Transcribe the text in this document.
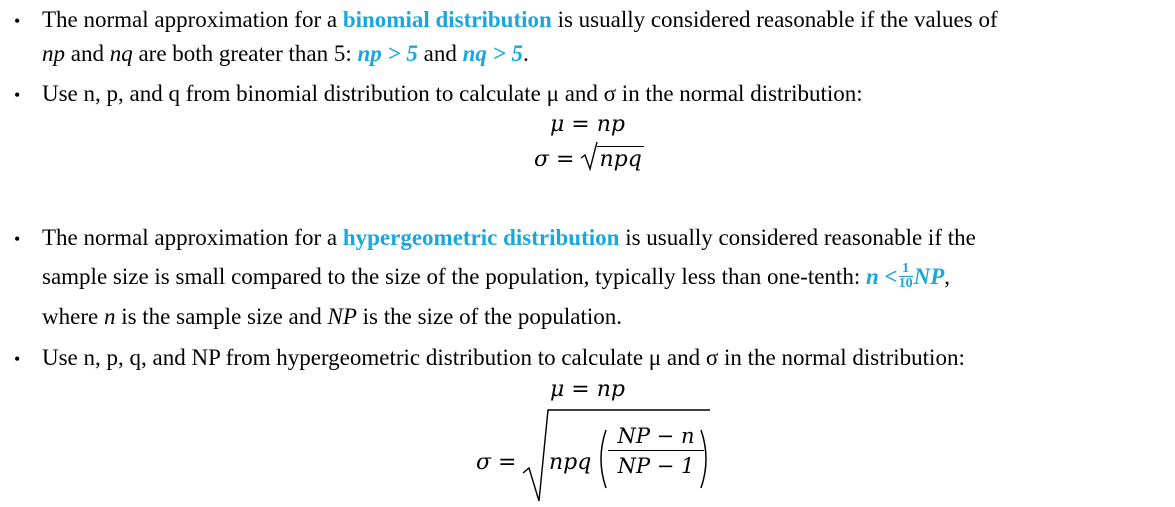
• The normal approximation for a binomial distribution is usually considered reasonable if the values of
np and nq are both greater than 5: np > 5 and nq > 5.
• Use n, p, and q from binomial distribution to calculate μ and σ in the normal distribution:
μ = np
σ = npq
• The normal approximation for a hypergeometric distribution is usually considered reasonable if the
sample size is small compared to the size of the population, typically less than one-tenth: $n < \frac{1}{10}$ NP,
where n is the sample size and NP is the size of the population.
• Use n, p, q, and NP from hypergeometric distribution to calculate μ and σ in the normal distribution:
μ = np
σ = npq $\frac{NP - n}{NP - 1}$
